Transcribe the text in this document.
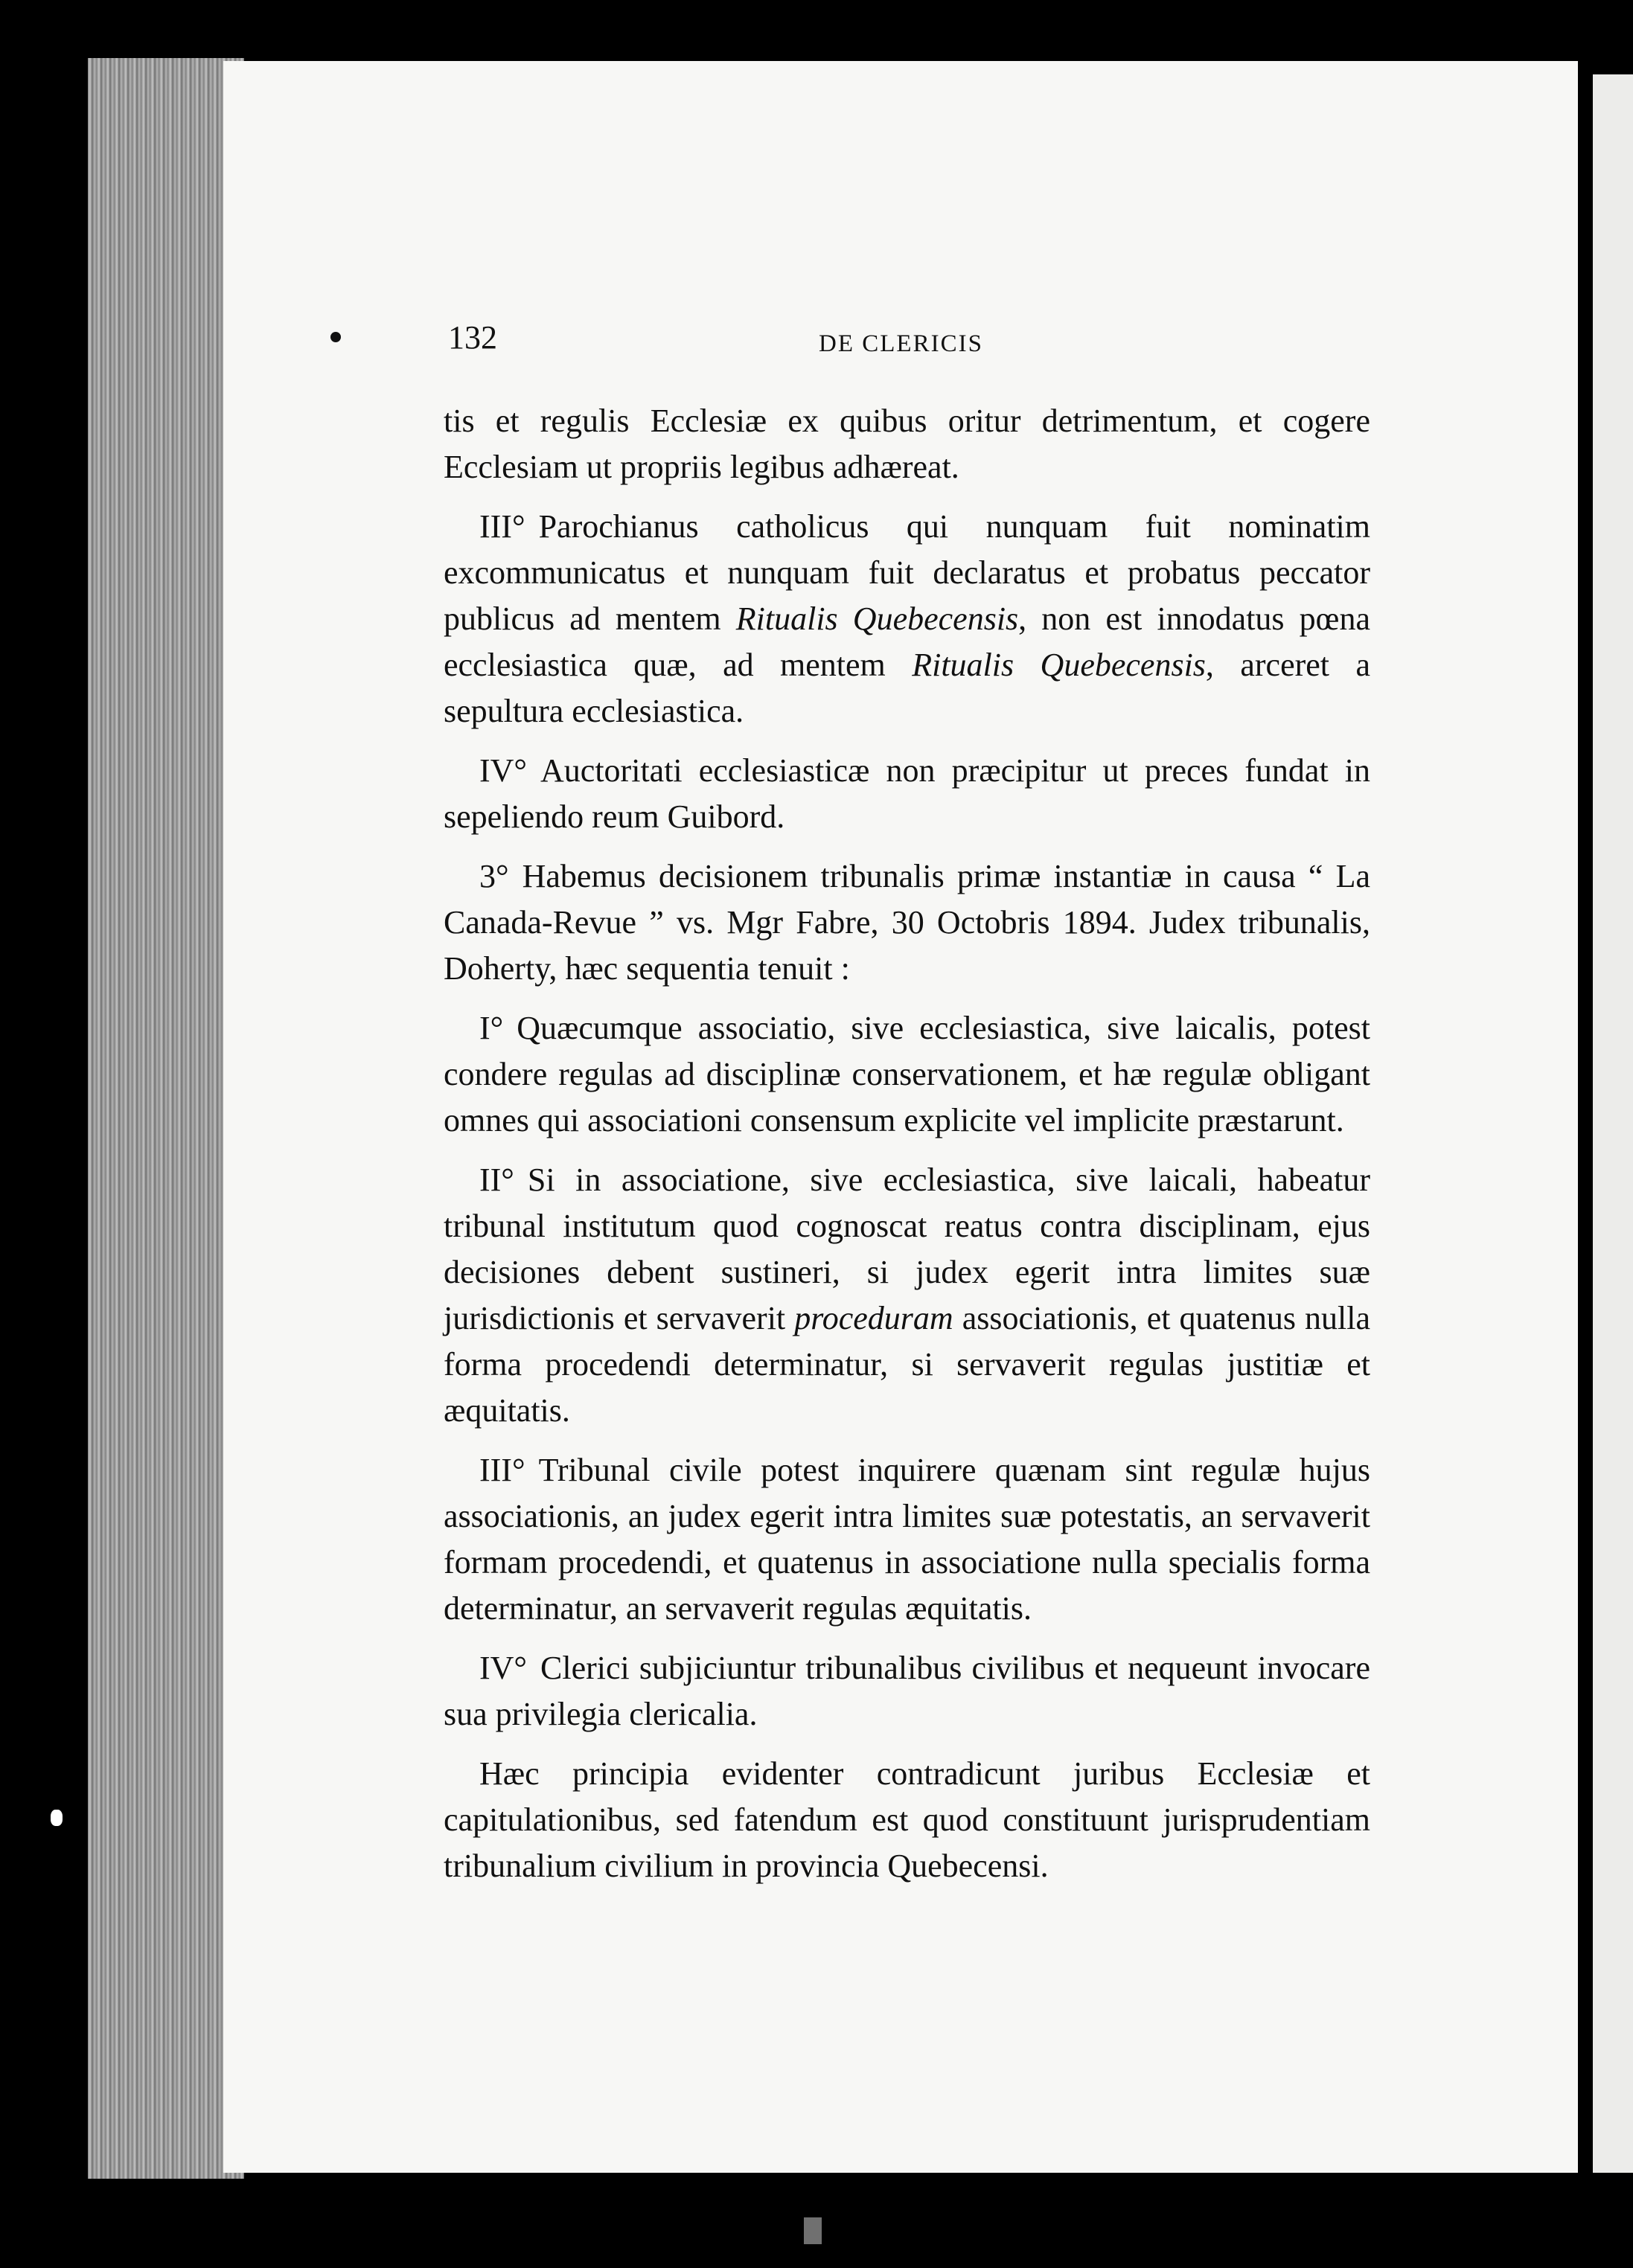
132	DE CLERICIS

tis et regulis Ecclesiæ ex quibus oritur detrimentum, et cogere Ecclesiam ut propriis legibus adhæreat.

III° Parochianus catholicus qui nunquam fuit nominatim excommunicatus et nunquam fuit declaratus et probatus peccator publicus ad mentem Ritualis Quebecensis, non est innodatus pœna ecclesiastica quæ, ad mentem Ritualis Quebecensis, arceret a sepultura ecclesiastica.

IV° Auctoritati ecclesiasticæ non præcipitur ut preces fundat in sepeliendo reum Guibord.

3° Habemus decisionem tribunalis primæ instantiæ in causa “ La Canada-Revue ” vs. Mgr Fabre, 30 Octobris 1894. Judex tribunalis, Doherty, hæc sequentia tenuit :

I° Quæcumque associatio, sive ecclesiastica, sive laicalis, potest condere regulas ad disciplinæ conservationem, et hæ regulæ obligant omnes qui associationi consensum explicite vel implicite præstarunt.

II° Si in associatione, sive ecclesiastica, sive laicali, habeatur tribunal institutum quod cognoscat reatus contra disciplinam, ejus decisiones debent sustineri, si judex egerit intra limites suæ jurisdictionis et servaverit proceduram associationis, et quatenus nulla forma procedendi determinatur, si servaverit regulas justitiæ et æquitatis.

III° Tribunal civile potest inquirere quænam sint regulæ hujus associationis, an judex egerit intra limites suæ potestatis, an servaverit formam procedendi, et quatenus in associatione nulla specialis forma determinatur, an servaverit regulas æquitatis.

IV° Clerici subjiciuntur tribunalibus civilibus et nequeunt invocare sua privilegia clericalia.

Hæc principia evidenter contradicunt juribus Ecclesiæ et capitulationibus, sed fatendum est quod constituunt jurisprudentiam tribunalium civilium in provincia Quebecensi.
